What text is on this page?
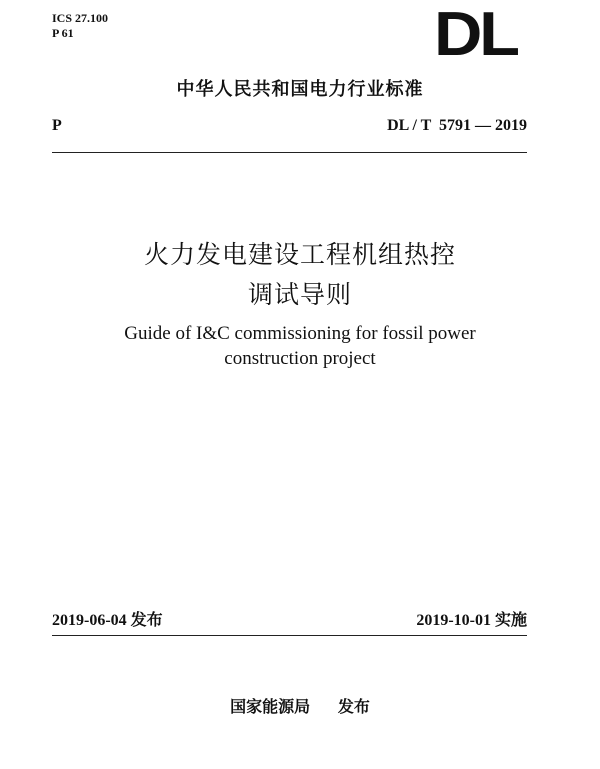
ICS 27.100
P 61	DL
中华人民共和国电力行业标准
P	DL / T  5791 — 2019
火力发电建设工程机组热控
调试导则
Guide of I&C commissioning for fossil power
construction project
2019-06-04 发布	2019-10-01 实施
国家能源局     发布
